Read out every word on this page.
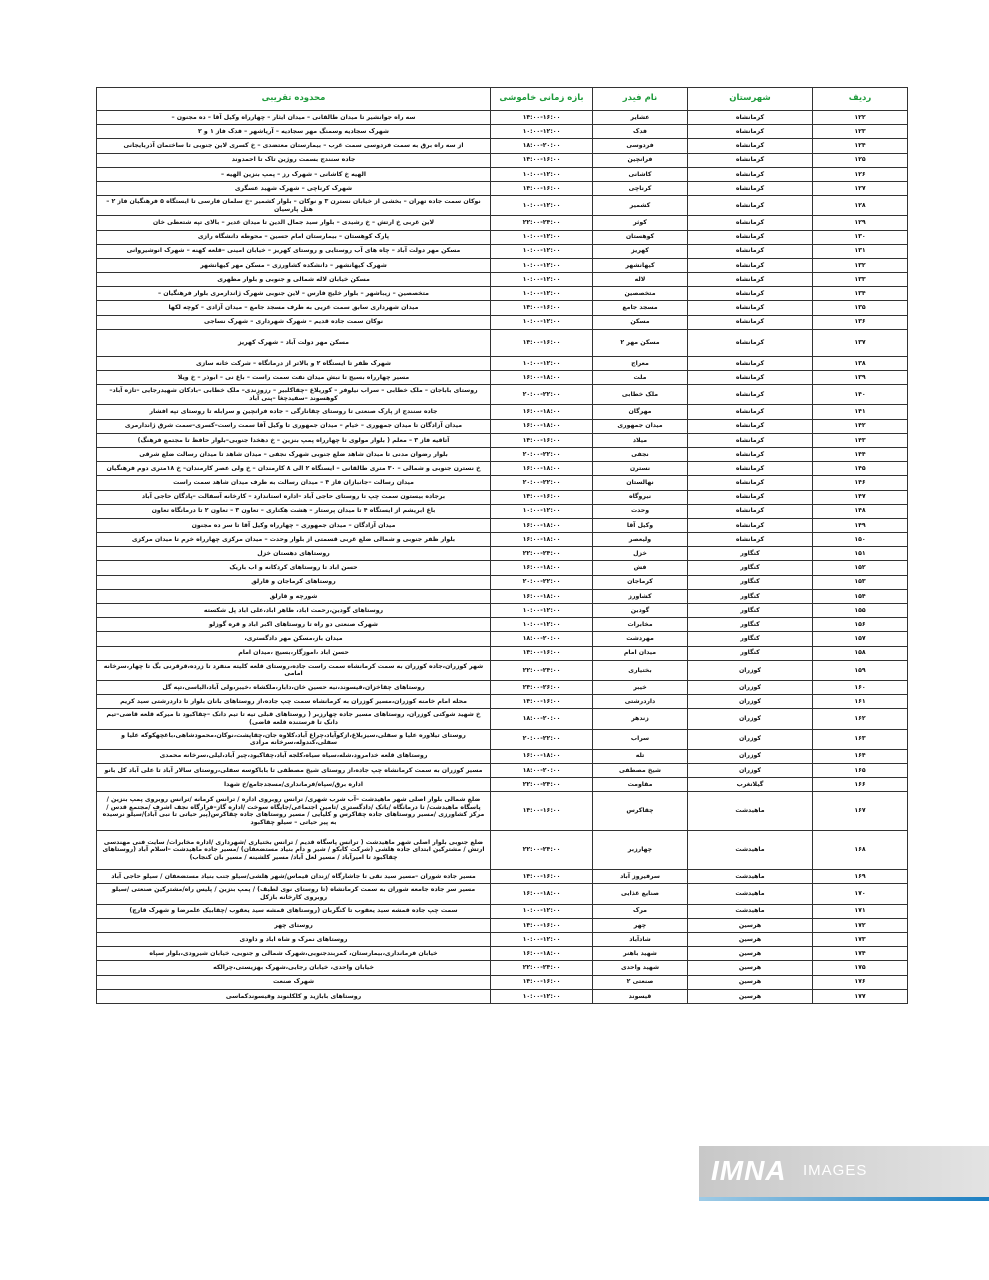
ردیف	شهرستان	نام فیدر	بازه زمانی خاموشی	محدوده تقریبی
۱۲۲	کرمانشاه	عشایر	۱۴:۰۰-۱۶:۰۰	سه راه جوانشیر تا میدان طالقانی – میدان ایثار – چهارراه وکیل آقا – ده مجنون –
۱۲۳	کرمانشاه	فدک	۱۰:۰۰-۱۲:۰۰	شهرک سجادیه وسمنگ مهر سجادیه – آریاشهر – فدک فاز ۱ و ۲
۱۲۴	کرمانشاه	فردوسی	۱۸:۰۰-۲۰:۰۰	از سه راه برق به سمت فردوسی سمت غرب – بیمارستان معتضدی – خ کسری لاین جنوبی تا ساختمان آذربایجانی
۱۲۵	کرمانشاه	فرانچین	۱۴:۰۰-۱۶:۰۰	جاده سنندج بسمت روژین تاک تا احمدوند
۱۲۶	کرمانشاه	کاشانی	۱۰:۰۰-۱۲:۰۰	الهیه خ کاشانی – شهرک رز – پمپ بنزین الهیه –
۱۲۷	کرمانشاه	کرناچی	۱۴:۰۰-۱۶:۰۰	شهرک کرناچی – شهرک شهید عسگری
۱۲۸	کرمانشاه	کشمیر	۱۰:۰۰-۱۲:۰۰	نوکان سمت جاده تهران – بخشی از خیابان نسترن ۳ و نوکان – بلوار کشمیر –خ سلمان فارسی تا ایستگاه ۵ فرهنگیان فاز ۲ – هتل پارسیان
۱۲۹	کرمانشاه	کوثر	۲۲:۰۰-۲۴:۰۰	لاین غربی خ ارتش – خ رشیدی – بلوار سید جمال الدین تا میدان غدیر – بالای تپه شتعطی خان
۱۳۰	کرمانشاه	کوهستان	۱۰:۰۰-۱۲:۰۰	پارک کوهستان – بیمارستان امام حسین – محوطه دانشگاه رازی
۱۳۱	کرمانشاه	کهریز	۱۰:۰۰-۱۲:۰۰	مسکن مهر دولت آباد – چاه های آب روستایی و روستای کهریز – خیابان امینی –قلعه کهنه – شهرک انوشیروانی
۱۳۲	کرمانشاه	کیهانشهر	۱۰:۰۰-۱۲:۰۰	شهرک کیهانشهر – دانشکده کشاورزی – مسکن مهر کیهانشهر
۱۳۳	کرمانشاه	لاله	۱۰:۰۰-۱۲:۰۰	مسکن خیابان لاله شمالی و جنوبی و بلوار مطهری
۱۳۴	کرمانشاه	متخصصین	۱۰:۰۰-۱۲:۰۰	متخصصین – زیباشهر – بلوار خلیج فارس – لاین جنوبی شهرک ژاندارمری بلوار فرهنگیان –
۱۳۵	کرمانشاه	مسجد جامع	۱۴:۰۰-۱۶:۰۰	میدان شهرداری سابق سمت غربی به طرف مسجد جامع – میدان آزادی – کوچه لکها
۱۳۶	کرمانشاه	مسکن	۱۰:۰۰-۱۲:۰۰	نوکان سمت جاده قدیم – شهرک شهرداری – شهرک نساجی
۱۳۷	کرمانشاه	مسکن مهر ۲	۱۴:۰۰-۱۶:۰۰	مسکن مهر دولت آباد – شهرک کهریز
۱۳۸	کرمانشاه	معراج	۱۰:۰۰-۱۲:۰۰	شهرک ظفر تا ایستگاه ۲ و بالاتر از درمانگاه – شرکت خانه سازی
۱۳۹	کرمانشاه	ملت	۱۶:۰۰-۱۸:۰۰	مسیر چهارراه بسیج تا نبش میدان نفت سمت راست – باغ نی – ابوذر – خ ویلا
۱۴۰	کرمانشاه	ملک خطابی	۲۰:۰۰-۲۲:۰۰	روستای باباجان – ملک خطابی – سراب نیلوفر – کوریلاغ –چقاکلبیر – رزوزندی– ملک خطابی –بادکان شهیدرجایی –تازه آباد– کوهسوند –سفیدچغا –پنی آباد
۱۴۱	کرمانشاه	مهرگان	۱۶:۰۰-۱۸:۰۰	جاده سنندج از پارک صنعتی تا روستای چقانارگی – جاده فرانچین و سرابله تا روستای تپه افشار
۱۴۲	کرمانشاه	میدان جمهوری	۱۶:۰۰-۱۸:۰۰	میدان آزادگان تا میدان جمهوری – خیام – میدان جمهوری تا وکیل آقا سمت راست–کسری–سمت شرق ژاندارمری
۱۴۳	کرمانشاه	میلاد	۱۴:۰۰-۱۶:۰۰	آتاقیه فاز ۳ – معلم ( بلوار مولوی تا چهارراه پمپ بنزین – خ دهخدا جنوبی–بلوار حافظ تا مجتمع فرهنگ)
۱۴۴	کرمانشاه	نجفی	۲۰:۰۰-۲۲:۰۰	بلوار رضوان مدنی تا میدان شاهد ضلع جنوبی شهرک نجفی – میدان شاهد تا میدان رسالت ضلع شرقی
۱۴۵	کرمانشاه	نسترن	۱۶:۰۰-۱۸:۰۰	خ نسترن جنوبی و شمالی – ۳۰ متری طالقانی – ایستگاه ۲ الی ۸ کارمندان – خ ولی عصر کارمندان– خ ۱۸متری دوم فرهنگیان
۱۴۶	کرمانشاه	نهالستان	۲۰:۰۰-۲۲:۰۰	میدان رسالت –جانبازان فاز ۴ – میدان رسالت به طرف میدان شاهد سمت راست
۱۴۷	کرمانشاه	نیروگاه	۱۴:۰۰-۱۶:۰۰	برجاده بیستون سمت چپ تا روستای حاجی آباد –اداره استاندارد – کارخانه آسفالت –پادگان حاجی آباد
۱۴۸	کرمانشاه	وحدت	۱۰:۰۰-۱۲:۰۰	باغ ابریشم از ایستگاه ۴ تا میدان پرستار – هشت هکتاری – تعاون ۳ – تعاون ۲ تا درمانگاه تعاون
۱۴۹	کرمانشاه	وکیل آقا	۱۶:۰۰-۱۸:۰۰	میدان آزادگان – میدان جمهوری – چهارراه وکیل آقا تا سر ده مجنون
۱۵۰	کرمانشاه	ولیعصر	۱۶:۰۰-۱۸:۰۰	بلوار ظفر جنوبی و شمالی ضلع غربی قسمتی از بلوار وحدت – میدان مرکزی چهارراه خرم تا میدان مرکزی
۱۵۱	کنگاور	خزل	۲۲:۰۰-۲۴:۰۰	روستاهای دهستان خزل
۱۵۲	کنگاور	فش	۱۶:۰۰-۱۸:۰۰	حسن اباد تا روستاهای کردکانه و اب باریک
۱۵۳	کنگاور	کرماجان	۲۰:۰۰-۲۲:۰۰	روستاهای کرماجان و قارلق
۱۵۴	کنگاور	کشاورز	۱۶:۰۰-۱۸:۰۰	شورچه و قارلق
۱۵۵	کنگاور	گودین	۱۰:۰۰-۱۲:۰۰	روستاهای گودین،رحمت اباد، طاهر اباد،علی اباد پل شکسته
۱۵۶	کنگاور	مخابرات	۱۰:۰۰-۱۲:۰۰	شهرک صنعتی دو راه تا روستاهای اکبر اباد و قره گوزلو
۱۵۷	کنگاور	مهردشت	۱۸:۰۰-۲۰:۰۰	میدان باز،مسکن مهر دادگستری،
۱۵۸	کنگاور	میدان امام	۱۴:۰۰-۱۶:۰۰	حسن اباد ،اموزگار،بسیج ،میدان امام
۱۵۹	کوزران	بختیاری	۲۲:۰۰-۲۴:۰۰	شهر کوزران،جاده کوزران به سمت کرمانشاه سمت راست جاده،روستای قلعه کلیته منفرد تا زرده،قرقرنی بگ تا چهار،سرخانه امامی
۱۶۰	کوزران	خیبر	۲۴:۰۰-۲۶:۰۰	روستاهای چقاخزان،قیسوند،نیه حسین خان،دابار،ملکشاه ،خیبر،ولی آباد،الیاسی،تپه گل
۱۶۱	کوزران	داردرشتی	۱۴:۰۰-۱۶:۰۰	محله امام خامنه کوزران،مسیر کوزران به کرمانشاه سمت چپ جاده،از روستاهای بانان بلوار تا داردرشتی سید کریم
۱۶۲	کوزران	زندهر	۱۸:۰۰-۲۰:۰۰	خ شهید شوکتی کوزران، روستاهای مسیر جاده چهارزبر ( روستاهای قبلی تیه تا تیم دانک –چقاکبود تا میرکه قلعه قاضی–تیم دانک تا فرستنده قلعه قاضی)
۱۶۳	کوزران	سراب	۲۰:۰۰-۲۲:۰۰	روستای تیلاوره علیا و سفلی،سیزبلاغ،ازکوآباد،چراغ آباد،کلاوه جان،چقاپشت،نوکان،محمودشاهی،باغچهکوکه علیا و سفلی،کندوله،سرخانه مرادی
۱۶۴	کوزران	تله	۱۶:۰۰-۱۸:۰۰	روستاهای قلعه خدامرود،شله،سیاه سیاه،کلجه آباد،چقاکبود،چیر آباد،لیلی،سرخانه محمدی
۱۶۵	کوزران	شیخ مصطفی	۱۸:۰۰-۲۰:۰۰	مسیر کوزران به سمت کرمانشاه چپ جاده،از روستای شیخ مصطفی تا باباکوسه سفلی،روستای سالار آباد تا علی آباد کل بانو
۱۶۶	گیلانغرب	مقاومت	۲۲:۰۰-۲۴:۰۰	اداره برق/سپاه/فرمانداری/مسجدجامع/خ شهدا
۱۶۷	ماهیدشت	چقاکرس	۱۴:۰۰-۱۶:۰۰	ضلع شمالی بلوار اصلی شهر ماهیدشت –آب شرب شهری/ ترانس روبروی اداره / ترانس کرمانه /ترانس روبروی پمپ بنزین /پاسگاه ماهیدشت/ تا درمانگاه /بانک /دادگستری /تامین اجتماعی/جایگاه سوخت /اداره گاز–قرارگاه نجف اشرف /مجتمع قدس /مرکز کشاورزی /مسیر روستاهای جاده چقاکرس و کلیایی / مسیر روستاهای جاده چقاکرس(پیر حیاتی تا نبی آباد)/سیلو نرسیده به پیر حیاتی – سیلو چقاکبود
۱۶۸	ماهیدشت	چهارزبر	۲۲:۰۰-۲۴:۰۰	ضلع جنوبی بلوار اصلی شهر ماهیدشت ( ترانس پاسگاه قدیم / ترانس بختیاری /شهرداری /اداره مخابرات/ سایت فنی مهندسی ارتش / مشترکین ابتدای جاده هلشی (شرکت کابکو / شیر و دام بنیاد مستضعفان) /مسیر جاده ماهیدشت –اسلام آباد (روستاهای چقاکبود تا امیرآباد / مسیر لعل آباد/ مسیر کلشینه / مسیر بان کنجاب)
۱۶۹	ماهیدشت	سرفیروز آباد	۱۴:۰۰-۱۶:۰۰	مسیر جاده شوران –مسیر سید نقی تا جاشارگاه /زندان قیماس/شهر هلشی/سیلو جنب بنیاد مستضعفان / سیلو حاجی آباد
۱۷۰	ماهیدشت	صنایع غذایی	۱۶:۰۰-۱۸:۰۰	مسیر سر جاده جامعه شوران به سمت کرمانشاه (تا روستای نوی لطیف) / پمپ بنزین / پلیس راه/مشترکین صنعتی /سیلو روبروی کارخانه بازکل
۱۷۱	ماهیدشت	مرک	۱۰:۰۰-۱۲:۰۰	سمت چپ جاده قمشه سید یعقوب تا کنگربان (روستاهای قمشه سید یعقوب /چقابیک علمرضا و شهرک قارچ)
۱۷۲	هرسین	چهر	۱۴:۰۰-۱۶:۰۰	روستای چهر
۱۷۳	هرسین	شادآباد	۱۰:۰۰-۱۲:۰۰	روستاهای نمرک و شاه اباد و داودی
۱۷۴	هرسین	شهید باهنر	۱۶:۰۰-۱۸:۰۰	خیابان فرمانداری،بیمارستان، کمربندجنوبی،شهرک شمالی و جنوبی، خیابان شیرودی،بلوار سپاه
۱۷۵	هرسین	شهید واحدی	۲۲:۰۰-۲۴:۰۰	خیابان واحدی، خیابان رجایی،شهرک بهزیستی،چرالکه
۱۷۶	هرسین	صنعتی ۲	۱۴:۰۰-۱۶:۰۰	شهرک صنعت
۱۷۷	هرسین	قیسوند	۱۰:۰۰-۱۲:۰۰	روستاهای بابازید و کلکلنوند وقیسوندکماسی
IMNA IMAGES
